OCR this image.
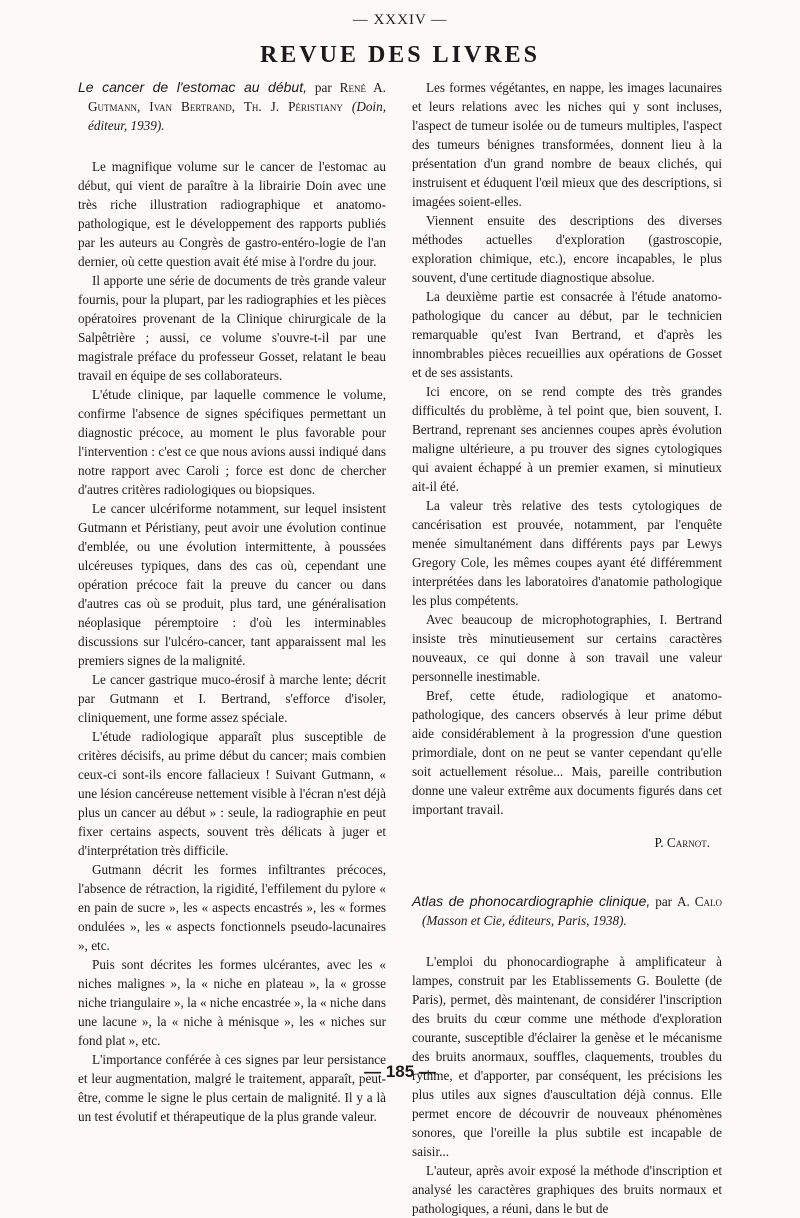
— XXXIV —
REVUE DES LIVRES

Le cancer de l'estomac au début, par René A. Gutmann, Ivan Bertrand, Th. J. Péristiany (Doin, éditeur, 1939).

Le magnifique volume sur le cancer de l'estomac au début, qui vient de paraître à la librairie Doin avec une très riche illustration radiographique et anatomo-pathologique, est le développement des rapports publiés par les auteurs au Congrès de gastro-entéro-logie de l'an dernier, où cette question avait été mise à l'ordre du jour.

Il apporte une série de documents de très grande valeur fournis, pour la plupart, par les radiographies et les pièces opératoires provenant de la Clinique chirurgicale de la Salpêtrière ; aussi, ce volume s'ouvre-t-il par une magistrale préface du professeur Gosset, relatant le beau travail en équipe de ses collaborateurs.

L'étude clinique, par laquelle commence le volume, confirme l'absence de signes spécifiques permettant un diagnostic précoce, au moment le plus favorable pour l'intervention : c'est ce que nous avions aussi indiqué dans notre rapport avec Caroli ; force est donc de chercher d'autres critères radiologiques ou biopsiques.

Le cancer ulcériforme notamment, sur lequel insistent Gutmann et Péristiany, peut avoir une évolution continue d'emblée, ou une évolution intermittente, à poussées ulcéreuses typiques, dans des cas où, cependant une opération précoce fait la preuve du cancer ou dans d'autres cas où se produit, plus tard, une généralisation néoplasique péremptoire : d'où les interminables discussions sur l'ulcéro-cancer, tant apparaissent mal les premiers signes de la malignité.

Le cancer gastrique muco-érosif à marche lente; décrit par Gutmann et I. Bertrand, s'efforce d'isoler, cliniquement, une forme assez spéciale.

L'étude radiologique apparaît plus susceptible de critères décisifs, au prime début du cancer; mais combien ceux-ci sont-ils encore fallacieux ! Suivant Gutmann, « une lésion cancéreuse nettement visible à l'écran n'est déjà plus un cancer au début » : seule, la radiographie en peut fixer certains aspects, souvent très délicats à juger et d'interprétation très difficile.

Gutmann décrit les formes infiltrantes précoces, l'absence de rétraction, la rigidité, l'effilement du pylore « en pain de sucre », les « aspects encastrés », les « formes ondulées », les « aspects fonctionnels pseudo-lacunaires », etc.

Puis sont décrites les formes ulcérantes, avec les « niches malignes », la « niche en plateau », la « grosse niche triangulaire », la « niche encastrée », la « niche dans une lacune », la « niche à ménisque », les « niches sur fond plat », etc.

L'importance conférée à ces signes par leur persistance et leur augmentation, malgré le traitement, apparaît, peut-être, comme le signe le plus certain de malignité. Il y a là un test évolutif et thérapeutique de la plus grande valeur.

Les formes végétantes, en nappe, les images lacunaires et leurs relations avec les niches qui y sont incluses, l'aspect de tumeur isolée ou de tumeurs multiples, l'aspect des tumeurs bénignes transformées, donnent lieu à la présentation d'un grand nombre de beaux clichés, qui instruisent et éduquent l'œil mieux que des descriptions, si imagées soient-elles.

Viennent ensuite des descriptions des diverses méthodes actuelles d'exploration (gastroscopie, exploration chimique, etc.), encore incapables, le plus souvent, d'une certitude diagnostique absolue.

La deuxième partie est consacrée à l'étude anatomo-pathologique du cancer au début, par le technicien remarquable qu'est Ivan Bertrand, et d'après les innombrables pièces recueillies aux opérations de Gosset et de ses assistants.

Ici encore, on se rend compte des très grandes difficultés du problème, à tel point que, bien souvent, I. Bertrand, reprenant ses anciennes coupes après évolution maligne ultérieure, a pu trouver des signes cytologiques qui avaient échappé à un premier examen, si minutieux ait-il été.

La valeur très relative des tests cytologiques de cancérisation est prouvée, notamment, par l'enquête menée simultanément dans différents pays par Lewys Gregory Cole, les mêmes coupes ayant été différemment interprétées dans les laboratoires d'anatomie pathologique les plus compétents.

Avec beaucoup de microphotographies, I. Bertrand insiste très minutieusement sur certains caractères nouveaux, ce qui donne à son travail une valeur personnelle inestimable.

Bref, cette étude, radiologique et anatomo-pathologique, des cancers observés à leur prime début aide considérablement à la progression d'une question primordiale, dont on ne peut se vanter cependant qu'elle soit actuellement résolue... Mais, pareille contribution donne une valeur extrême aux documents figurés dans cet important travail.

P. Carnot.

Atlas de phonocardiographie clinique, par A. Calo (Masson et Cie, éditeurs, Paris, 1938).

L'emploi du phonocardiographe à amplificateur à lampes, construit par les Etablissements G. Boulette (de Paris), permet, dès maintenant, de considérer l'inscription des bruits du cœur comme une méthode d'exploration courante, susceptible d'éclairer la genèse et le mécanisme des bruits anormaux, souffles, claquements, troubles du rythme, et d'apporter, par conséquent, les précisions les plus utiles aux signes d'auscultation déjà connus. Elle permet encore de découvrir de nouveaux phénomènes sonores, que l'oreille la plus subtile est incapable de saisir...

L'auteur, après avoir exposé la méthode d'inscription et analysé les caractères graphiques des bruits normaux et pathologiques, a réuni, dans le but de

— 185 —
